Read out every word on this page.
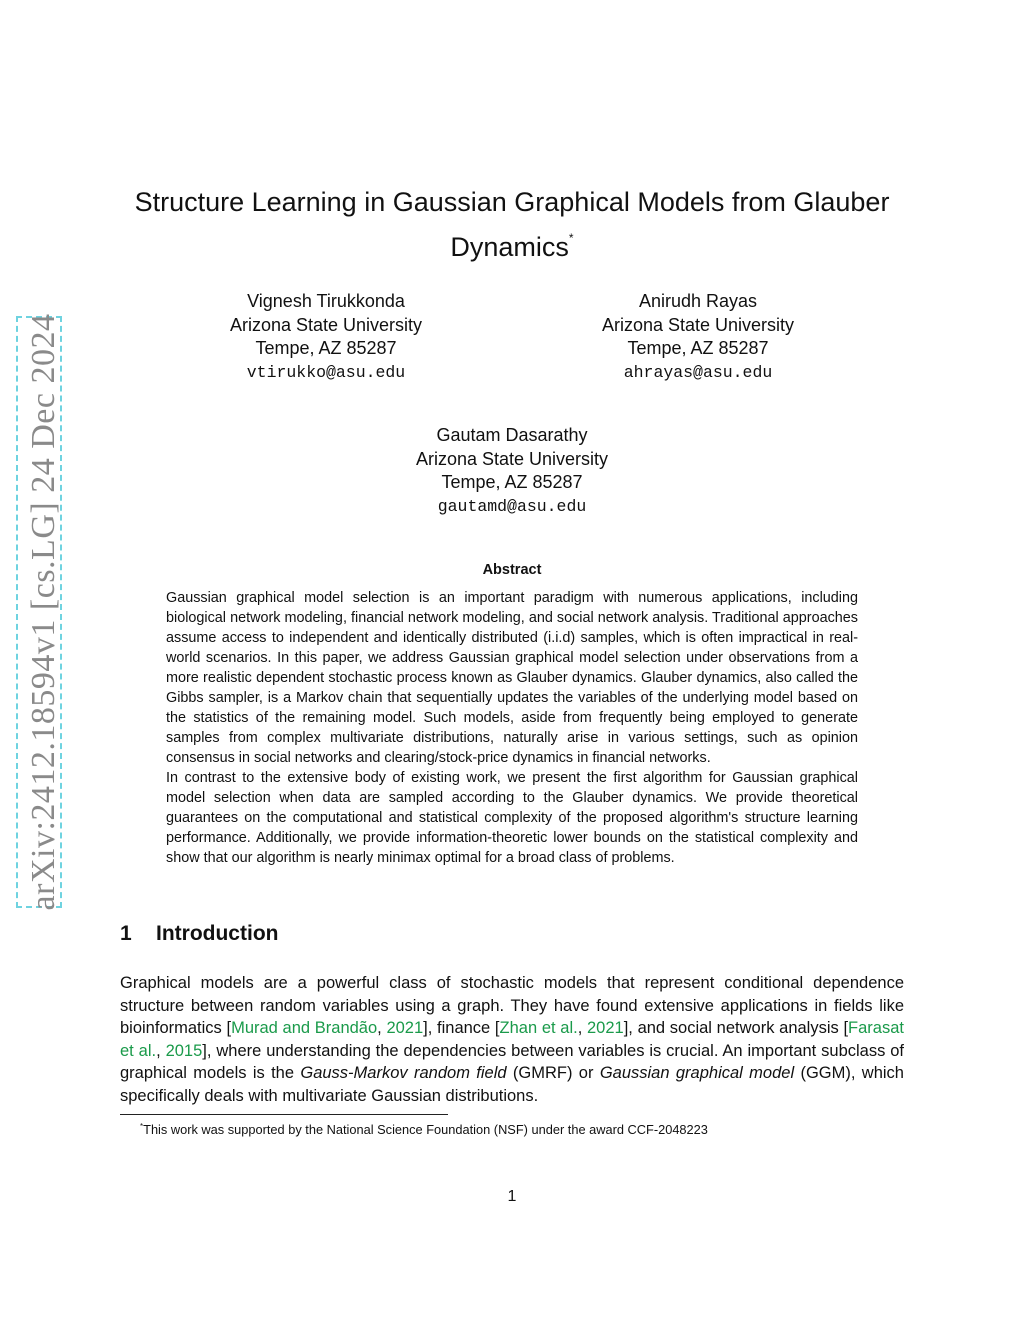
arXiv:2412.18594v1 [cs.LG] 24 Dec 2024
Structure Learning in Gaussian Graphical Models from Glauber
Dynamics*
Vignesh Tirukkonda
Arizona State University
Tempe, AZ 85287
vtirukko@asu.edu
Anirudh Rayas
Arizona State University
Tempe, AZ 85287
ahrayas@asu.edu
Gautam Dasarathy
Arizona State University
Tempe, AZ 85287
gautamd@asu.edu
Abstract

Gaussian graphical model selection is an important paradigm with numerous applications, including biological network modeling, financial network modeling, and social network analysis. Traditional approaches assume access to independent and identically distributed (i.i.d) samples, which is often impractical in real-world scenarios. In this paper, we address Gaussian graphical model selection under observations from a more realistic dependent stochastic process known as Glauber dynamics. Glauber dynamics, also called the Gibbs sampler, is a Markov chain that sequentially updates the variables of the underlying model based on the statistics of the remaining model. Such models, aside from frequently being employed to generate samples from complex multivariate distributions, naturally arise in various settings, such as opinion consensus in social networks and clearing/stock-price dynamics in financial networks.

In contrast to the extensive body of existing work, we present the first algorithm for Gaussian graphical model selection when data are sampled according to the Glauber dynamics. We provide theoretical guarantees on the computational and statistical complexity of the proposed algorithm's structure learning performance. Additionally, we provide information-theoretic lower bounds on the statistical complexity and show that our algorithm is nearly minimax optimal for a broad class of problems.

1 Introduction

Graphical models are a powerful class of stochastic models that represent conditional dependence structure between random variables using a graph. They have found extensive applications in fields like bioinformatics [Murad and Brandão, 2021], finance [Zhan et al., 2021], and social network analysis [Farasat et al., 2015], where understanding the dependencies between variables is crucial. An important subclass of graphical models is the Gauss-Markov random field (GMRF) or Gaussian graphical model (GGM), which specifically deals with multivariate Gaussian distributions.

*This work was supported by the National Science Foundation (NSF) under the award CCF-2048223
1
